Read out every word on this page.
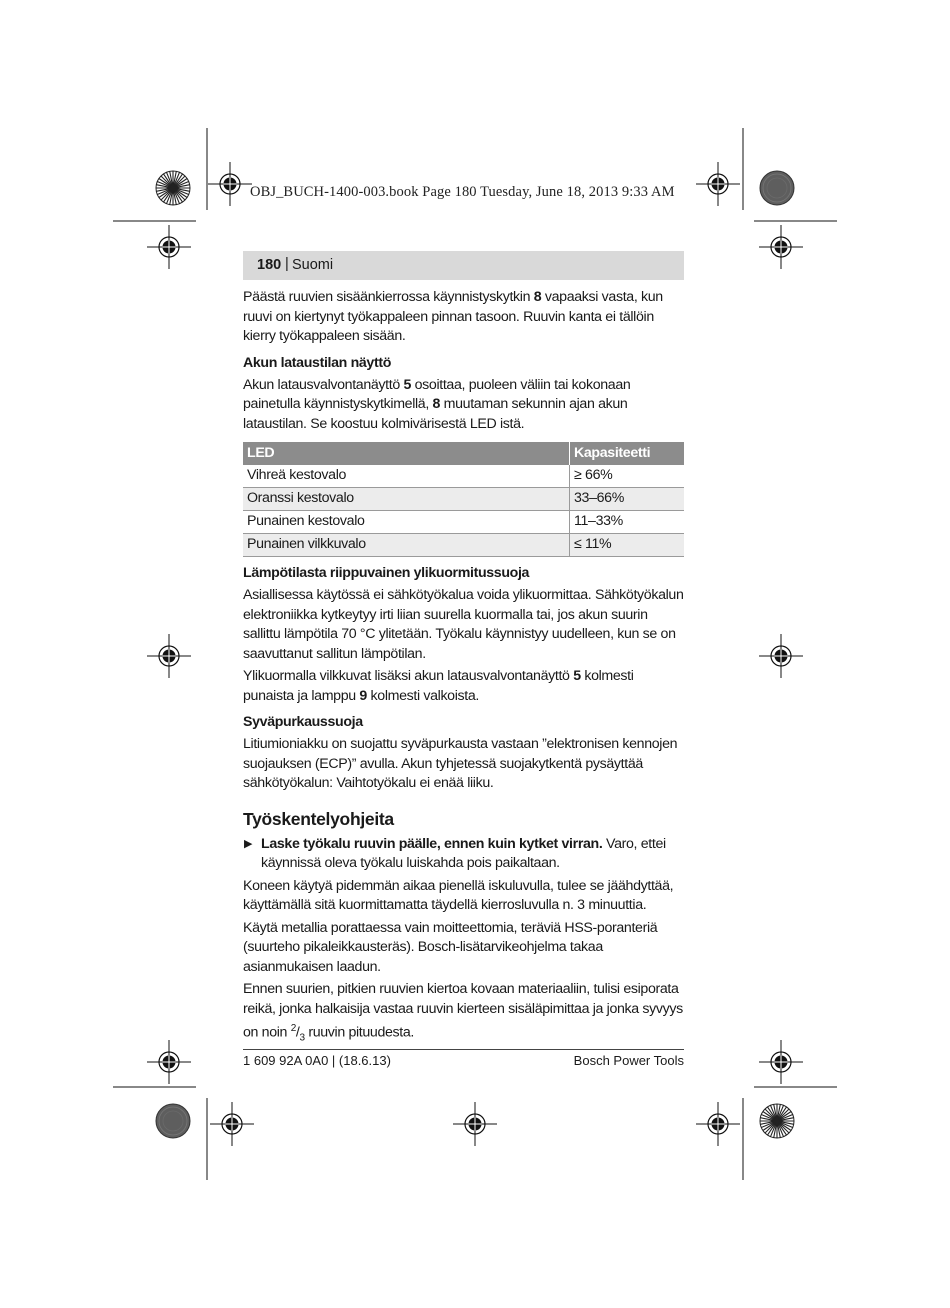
OBJ_BUCH-1400-003.book Page 180 Tuesday, June 18, 2013 9:33 AM
180 | Suomi

Päästä ruuvien sisäänkierrossa käynnistyskytkin 8 vapaaksi vasta, kun ruuvi on kiertynyt työkappaleen pinnan tasoon. Ruuvin kanta ei tällöin kierry työkappaleen sisään.

Akun lataustilan näyttö

Akun latausvalvontanäyttö 5 osoittaa, puoleen väliin tai kokonaan painetulla käynnistyskytkimellä, 8 muutaman sekunnin ajan akun lataustilan. Se koostuu kolmivärisestä LED istä.

LED	Kapasiteetti
Vihreä kestovalo	≥ 66%
Oranssi kestovalo	33–66%
Punainen kestovalo	11–33%
Punainen vilkkuvalo	≤ 11%
Lämpötilasta riippuvainen ylikuormitussuoja

Asiallisessa käytössä ei sähkötyökalua voida ylikuormittaa. Sähkötyökalun elektroniikka kytkeytyy irti liian suurella kuormalla tai, jos akun suurin sallittu lämpötila 70 °C ylitetään. Työkalu käynnistyy uudelleen, kun se on saavuttanut sallitun lämpötilan.

Ylikuormalla vilkkuvat lisäksi akun latausvalvontanäyttö 5 kolmesti punaista ja lamppu 9 kolmesti valkoista.

Syväpurkaussuoja

Litiumioniakku on suojattu syväpurkausta vastaan ”elektronisen kennojen suojauksen (ECP)” avulla. Akun tyhjetessä suojakytkentä pysäyttää sähkötyökalun: Vaihtotyökalu ei enää liiku.

Työskentelyohjeita
▶ Laske työkalu ruuvin päälle, ennen kuin kytket virran. Varo, ettei käynnissä oleva työkalu luiskahda pois paikaltaan.

Koneen käytyä pidemmän aikaa pienellä iskuluvulla, tulee se jäähdyttää, käyttämällä sitä kuormittamatta täydellä kierrosluvulla n. 3 minuuttia.

Käytä metallia porattaessa vain moitteettomia, teräviä HSS-poranteriä (suurteho pikaleikkausteräs). Bosch-lisätarvikeohjelma takaa asianmukaisen laadun.

Ennen suurien, pitkien ruuvien kiertoa kovaan materiaaliin, tulisi esiporata reikä, jonka halkaisija vastaa ruuvin kierteen sisäläpimittaa ja jonka syvyys on noin $^2/_3$ ruuvin pituudesta.

1 609 92A 0A0 | (18.6.13)	Bosch Power Tools
